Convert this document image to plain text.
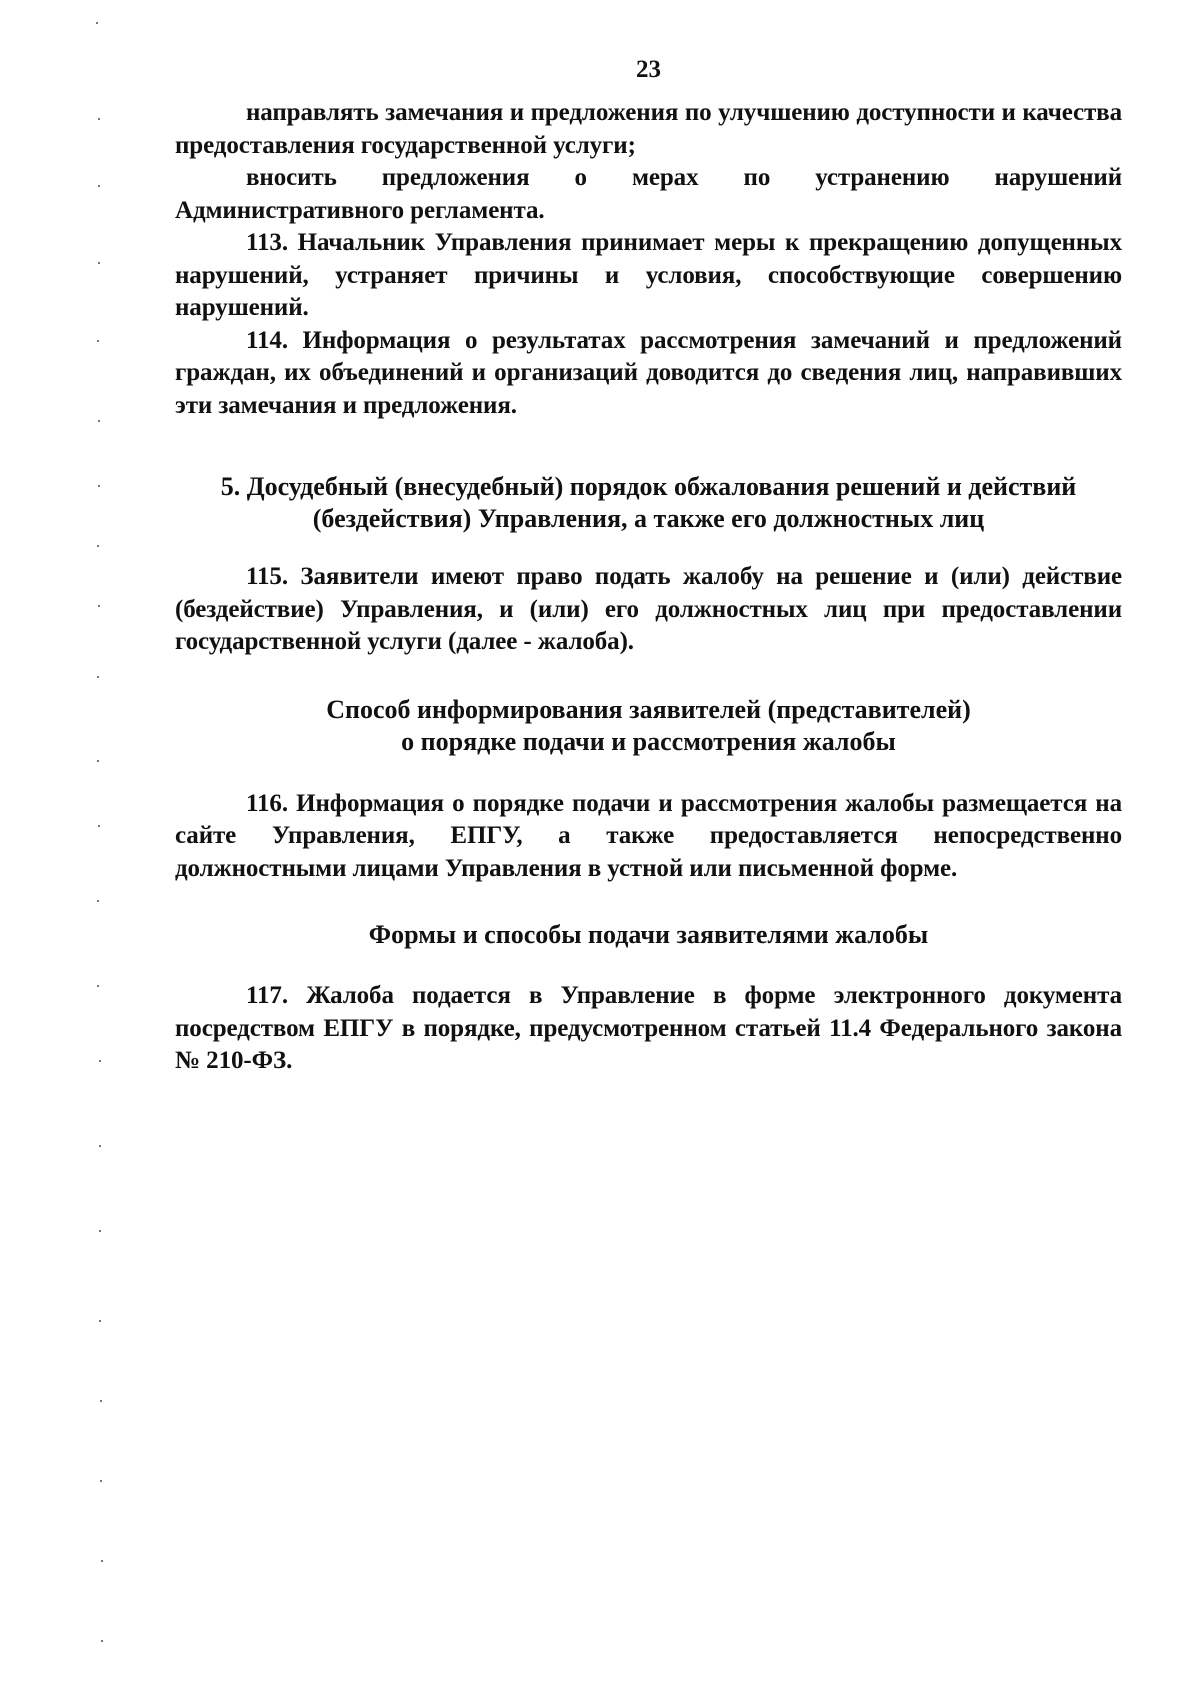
23

направлять замечания и предложения по улучшению доступности и качества предоставления государственной услуги;

вносить предложения о мерах по устранению нарушений Административного регламента.

113. Начальник Управления принимает меры к прекращению допущенных нарушений, устраняет причины и условия, способствующие совершению нарушений.

114. Информация о результатах рассмотрения замечаний и предложений граждан, их объединений и организаций доводится до сведения лиц, направивших эти замечания и предложения.

5. Досудебный (внесудебный) порядок обжалования решений и действий
(бездействия) Управления, а также его должностных лиц

115. Заявители имеют право подать жалобу на решение и (или) действие (бездействие) Управления, и (или) его должностных лиц при предоставлении государственной услуги (далее - жалоба).

Способ информирования заявителей (представителей)
о порядке подачи и рассмотрения жалобы

116. Информация о порядке подачи и рассмотрения жалобы размещается на сайте Управления, ЕПГУ, а также предоставляется непосредственно должностными лицами Управления в устной или письменной форме.

Формы и способы подачи заявителями жалобы

117. Жалоба подается в Управление в форме электронного документа посредством ЕПГУ в порядке, предусмотренном статьей 11.4 Федерального закона № 210-ФЗ.
